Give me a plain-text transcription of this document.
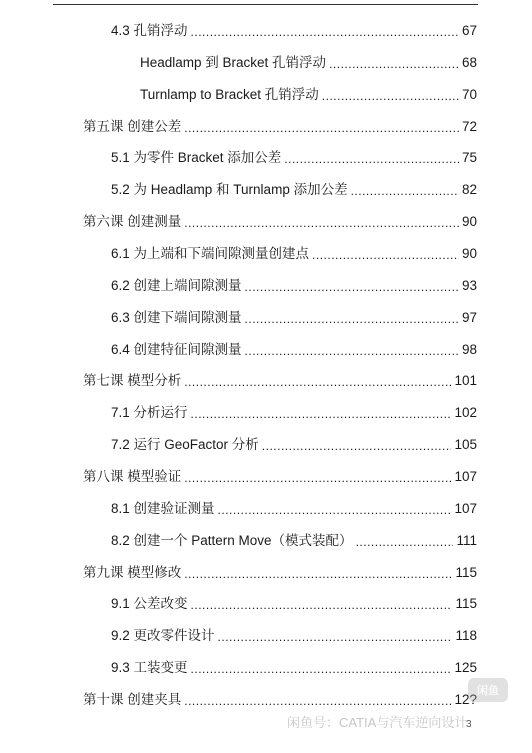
4.3 孔销浮动 .....	67
Headlamp 到 Bracket 孔销浮动 .....	68
Turnlamp to Bracket 孔销浮动 .....	70
第五课 创建公差 .....	72
5.1 为零件 Bracket 添加公差 .....	75
5.2 为 Headlamp 和 Turnlamp 添加公差 .....	82
第六课 创建测量 .....	90
6.1 为上端和下端间隙测量创建点 .....	90
6.2 创建上端间隙测量 .....	93
6.3 创建下端间隙测量 .....	97
6.4 创建特征间隙测量 .....	98
第七课 模型分析 .....	101
7.1 分析运行 .....	102
7.2 运行 GeoFactor 分析 .....	105
第八课 模型验证 .....	107
8.1 创建验证测量 .....	107
8.2 创建一个 Pattern Move（模式装配） .....	111
第九课 模型修改 .....	115
9.1 公差改变 .....	115
9.2 更改零件设计 .....	118
9.3 工装变更 .....	125
第十课 创建夹具 .....	12?
闲鱼
闲鱼号：CATIA与汽车逆向设计
3
